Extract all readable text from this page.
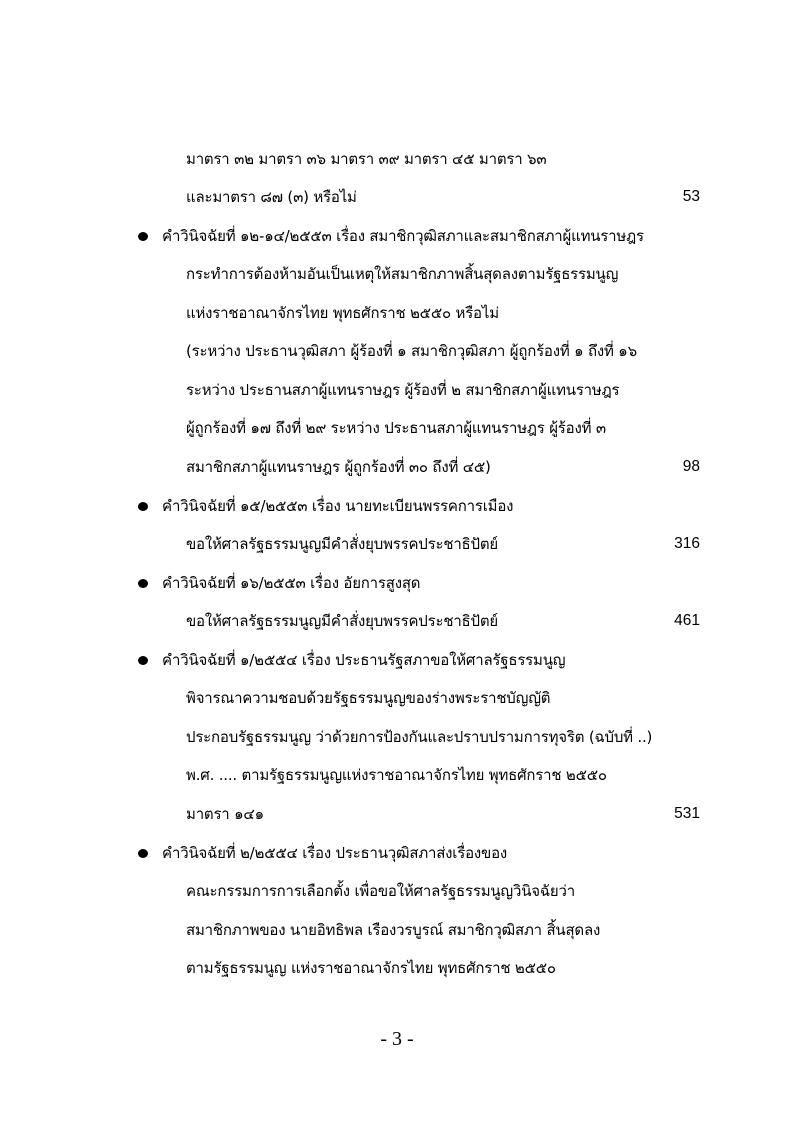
มาตรา ๓๒ มาตรา ๓๖ มาตรา ๓๙ มาตรา ๔๕ มาตรา ๖๓
และมาตรา ๘๗ (๓) หรือไม่	53
คำวินิจฉัยที่ ๑๒-๑๔/๒๕๕๓ เรื่อง สมาชิกวุฒิสภาและสมาชิกสภาผู้แทนราษฎร
กระทำการต้องห้ามอันเป็นเหตุให้สมาชิกภาพสิ้นสุดลงตามรัฐธรรมนูญ
แห่งราชอาณาจักรไทย พุทธศักราช ๒๕๕๐ หรือไม่
(ระหว่าง ประธานวุฒิสภา ผู้ร้องที่ ๑ สมาชิกวุฒิสภา ผู้ถูกร้องที่ ๑ ถึงที่ ๑๖
ระหว่าง ประธานสภาผู้แทนราษฎร ผู้ร้องที่ ๒ สมาชิกสภาผู้แทนราษฎร
ผู้ถูกร้องที่ ๑๗ ถึงที่ ๒๙ ระหว่าง ประธานสภาผู้แทนราษฎร ผู้ร้องที่ ๓
สมาชิกสภาผู้แทนราษฎร ผู้ถูกร้องที่ ๓๐ ถึงที่ ๔๕)	98
คำวินิจฉัยที่ ๑๕/๒๕๕๓ เรื่อง นายทะเบียนพรรคการเมือง
ขอให้ศาลรัฐธรรมนูญมีคำสั่งยุบพรรคประชาธิปัตย์	316
คำวินิจฉัยที่ ๑๖/๒๕๕๓ เรื่อง อัยการสูงสุด
ขอให้ศาลรัฐธรรมนูญมีคำสั่งยุบพรรคประชาธิปัตย์	461
คำวินิจฉัยที่ ๑/๒๕๕๔ เรื่อง ประธานรัฐสภาขอให้ศาลรัฐธรรมนูญ
พิจารณาความชอบด้วยรัฐธรรมนูญของร่างพระราชบัญญัติ
ประกอบรัฐธรรมนูญ ว่าด้วยการป้องกันและปราบปรามการทุจริต (ฉบับที่ ..)
พ.ศ. .... ตามรัฐธรรมนูญแห่งราชอาณาจักรไทย พุทธศักราช ๒๕๕๐
มาตรา ๑๔๑	531
คำวินิจฉัยที่ ๒/๒๕๕๔ เรื่อง ประธานวุฒิสภาส่งเรื่องของ
คณะกรรมการการเลือกตั้ง เพื่อขอให้ศาลรัฐธรรมนูญวินิจฉัยว่า
สมาชิกภาพของ นายอิทธิพล เรืองวรบูรณ์ สมาชิกวุฒิสภา สิ้นสุดลง
ตามรัฐธรรมนูญ แห่งราชอาณาจักรไทย พุทธศักราช ๒๕๕๐
- 3 -
